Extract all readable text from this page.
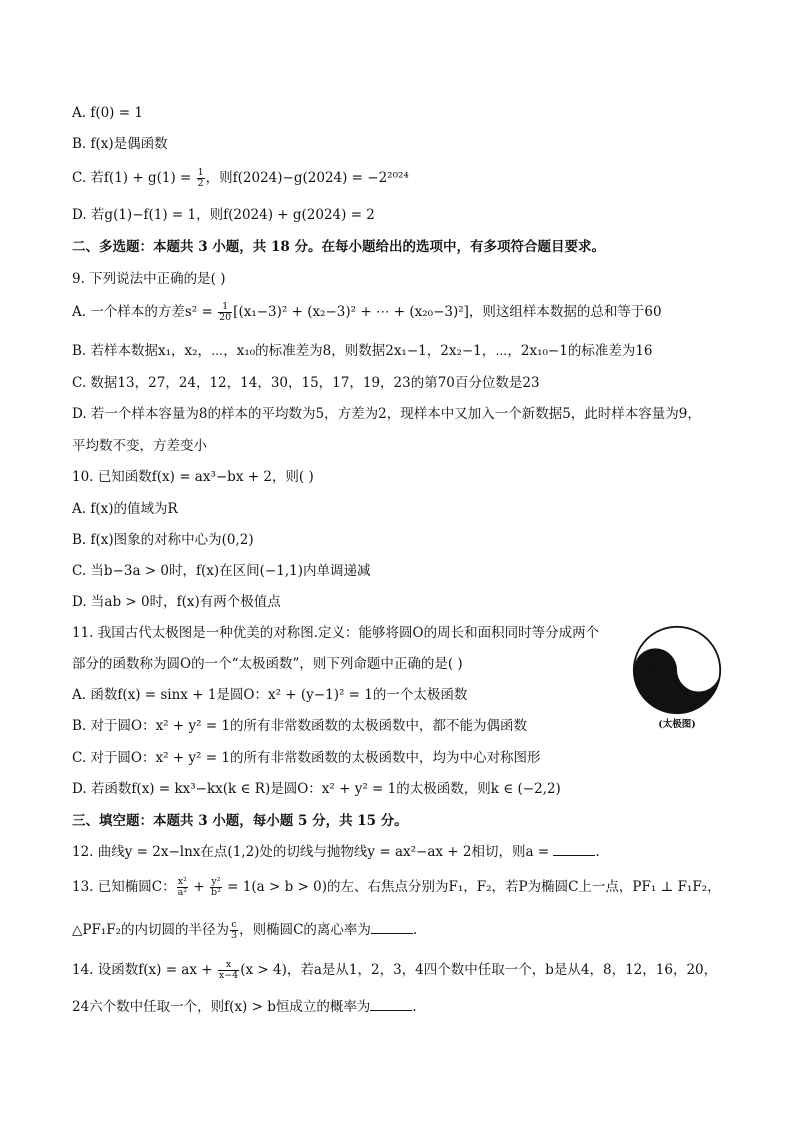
A. f(0) = 1
B. f(x)是偶函数
C. 若$f(1) + g(1) = \frac{1}{2}$ ，则f(2024)−g(2024) = −2²⁰²⁴
D. 若g(1)−f(1) = 1，则f(2024) + g(2024) = 2
二、多选题：本题共 3 小题，共 18 分。在每小题给出的选项中，有多项符合题目要求。
9. 下列说法中正确的是( )
A. 一个样本的方差$s^2 = \frac{1}{20} [(x_1-3)^2 + (x_2-3)^2$ + ⋯ + (x₂₀−3)²]，则这组样本数据的总和等于60
B. 若样本数据x₁，x₂，⋯，x₁₀的标准差为8，则数据2x₁−1，2x₂−1，⋯，2x₁₀−1的标准差为16
C. 数据13，27，24，12，14，30，15，17，19，23的第70百分位数是23
D. 若一个样本容量为8的样本的平均数为5，方差为2，现样本中又加入一个新数据5，此时样本容量为9，
平均数不变，方差变小
10. 已知函数f(x) = ax³−bx + 2，则( )
A. f(x)的值域为R
B. f(x)图象的对称中心为(0,2)
C. 当b−3a > 0时，f(x)在区间(−1,1)内单调递减
D. 当ab > 0时，f(x)有两个极值点
11. 我国古代太极图是一种优美的对称图.定义：能够将圆O的周长和面积同时等分成两个
部分的函数称为圆O的一个“太极函数”，则下列命题中正确的是( )
A. 函数f(x) = sinx + 1是圆O：x² + (y−1)² = 1的一个太极函数
B. 对于圆O：x² + y² = 1的所有非常数函数的太极函数中，都不能为偶函数
C. 对于圆O：x² + y² = 1的所有非常数函数的太极函数中，均为中心对称图形
D. 若函数f(x) = kx³−kx(k ∈ R)是圆O：x² + y² = 1的太极函数，则k ∈ (−2,2)
(太极图)
三、填空题：本题共 3 小题，每小题 5 分，共 15 分。
12. 曲线y = 2x−lnx在点(1,2)处的切线与抛物线y = ax²−ax + 2相切，则a =	.
13. 已知椭圆C： $\frac{\text{x²}}{\text{a²}} + \frac{\text{y²}}{\text{b²}} = 1(a > b > 0)$的左、右焦点分别为F₁，F₂，若P为椭圆C上一点，PF₁ ⊥ F₁F₂，
△PF₁F₂的内切圆的半径为 $\frac{c}{3}$ ，则椭圆C的离心率为	.
14. 设函数f(x) = ax + $\frac{x}{x-4} (x > 4)$，若a是从1，2，3，4四个数中任取一个，b是从4，8，12，16，20，
24六个数中任取一个，则f(x) > b恒成立的概率为	.
